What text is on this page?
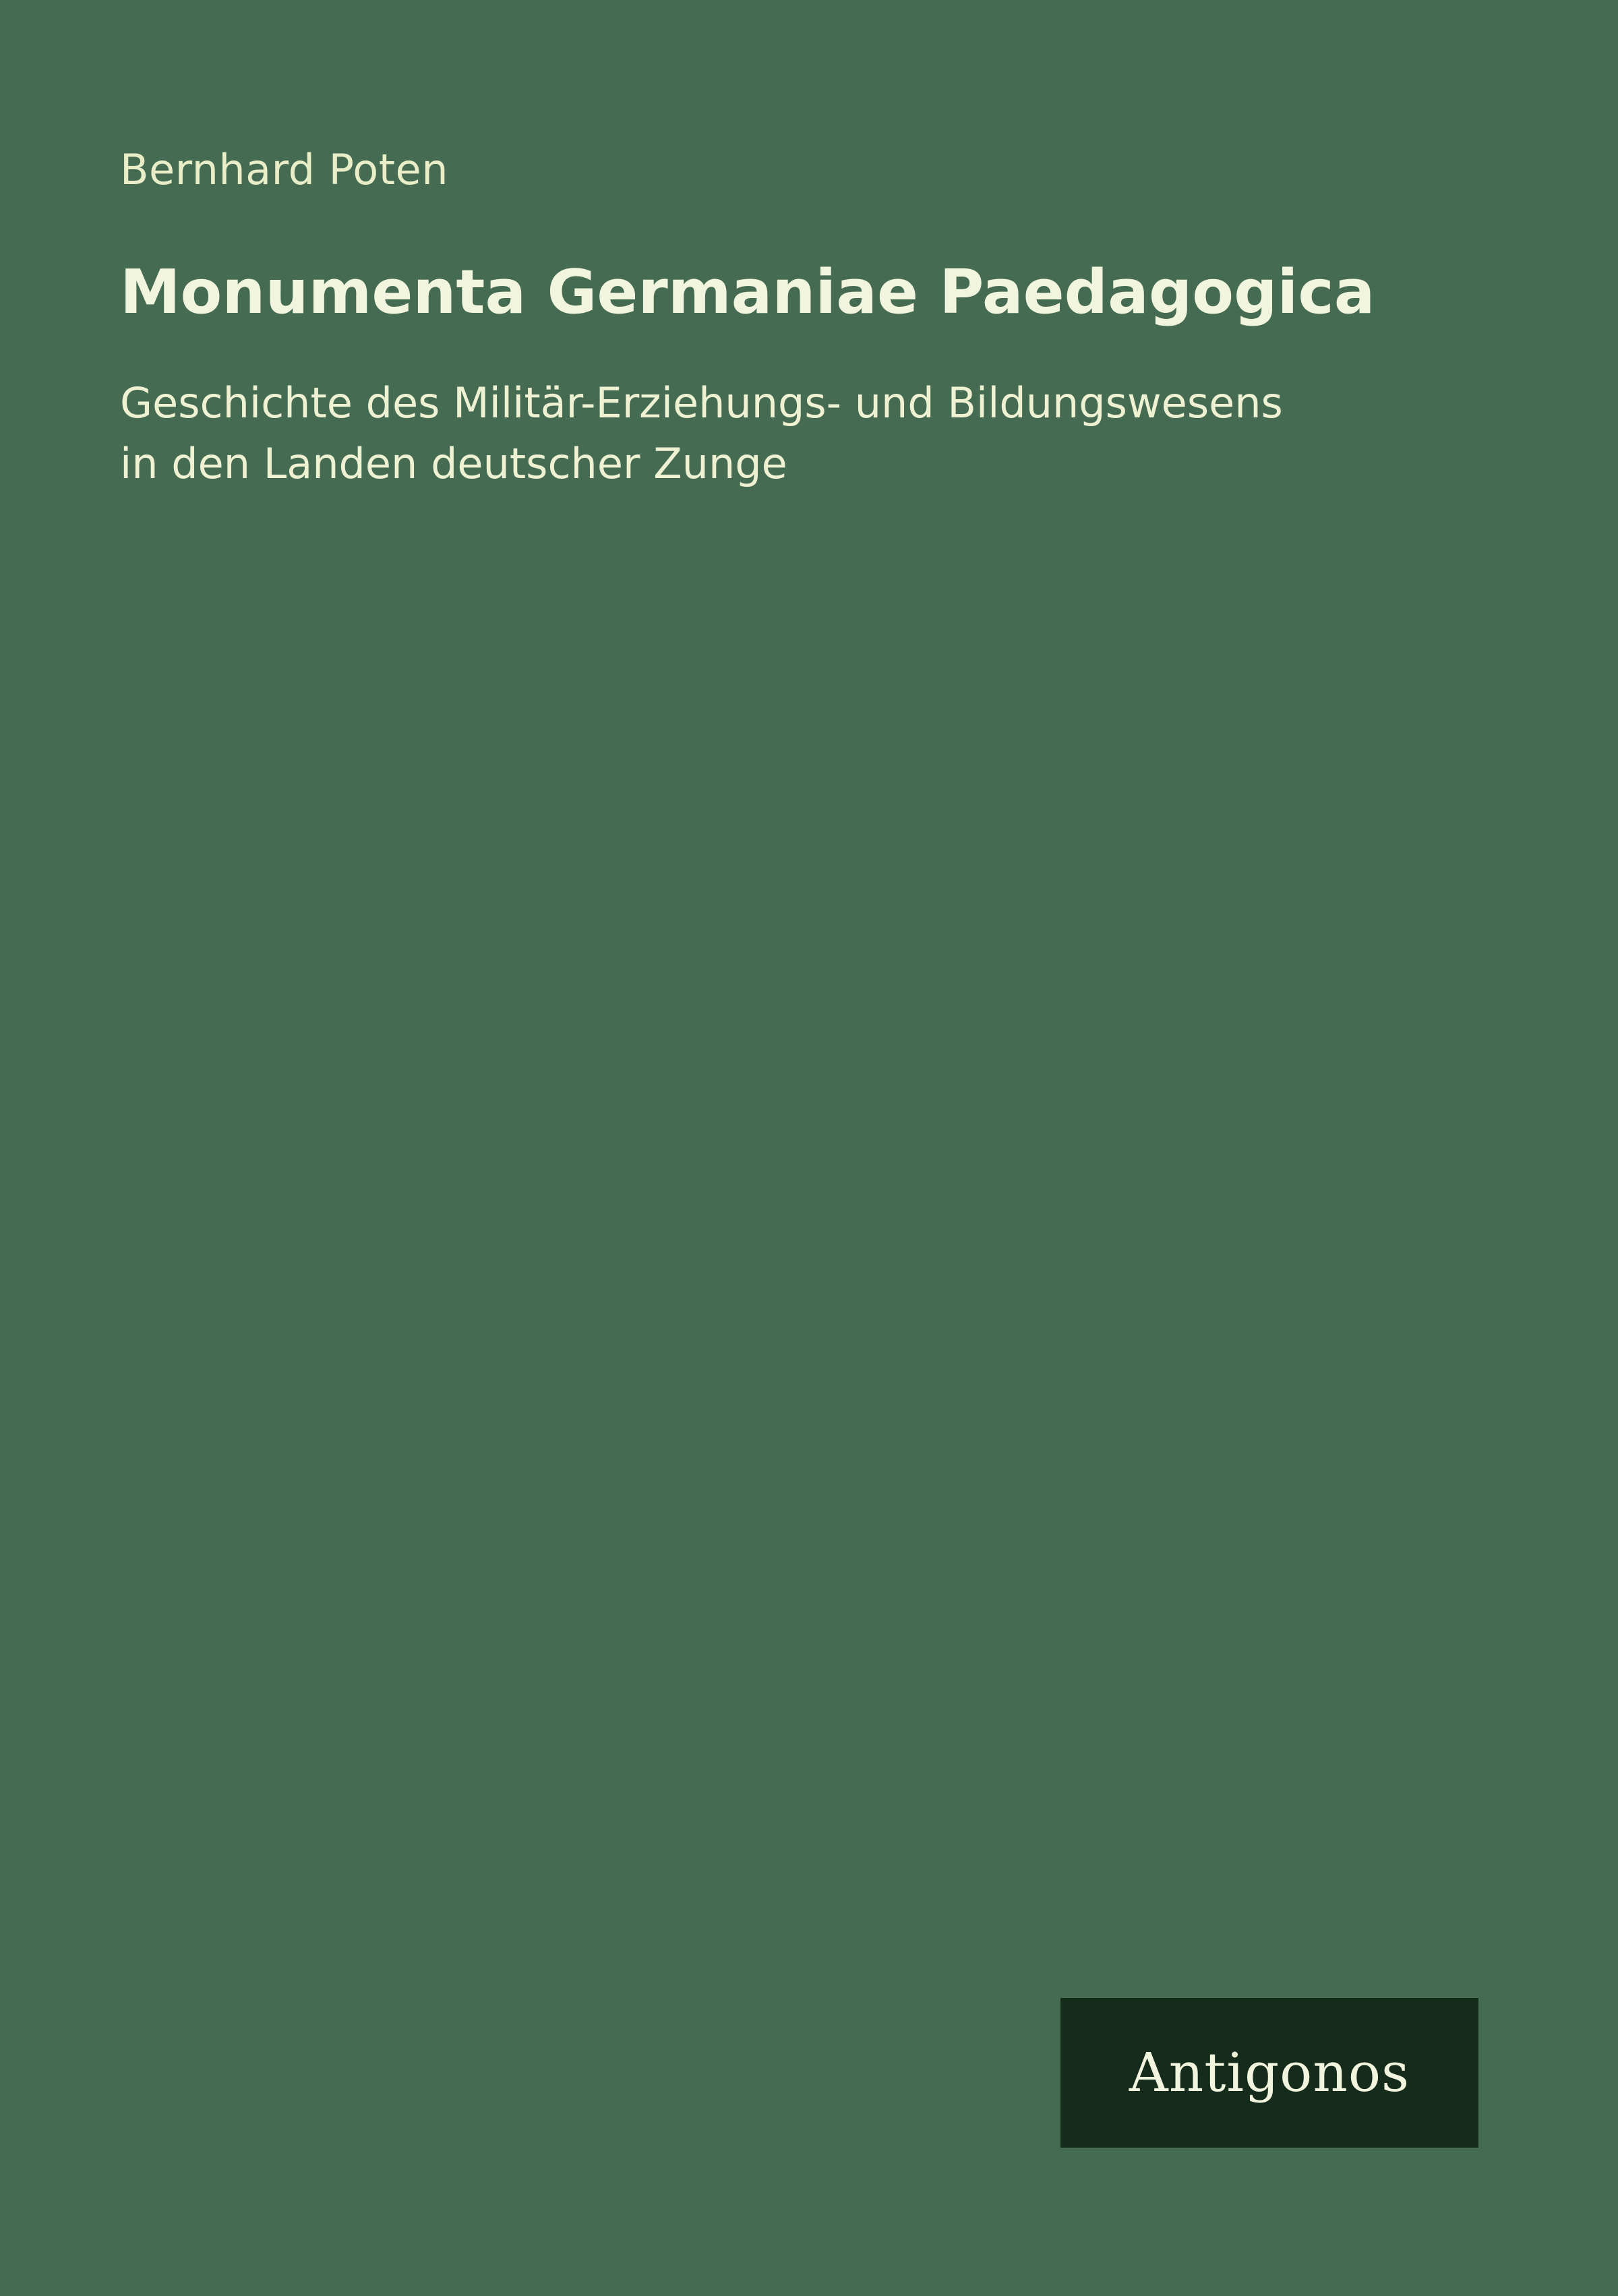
Bernhard Poten
Monumenta Germaniae Paedagogica
Geschichte des Militär-Erziehungs- und Bildungswesens in den Landen deutscher Zunge
Antigonos
